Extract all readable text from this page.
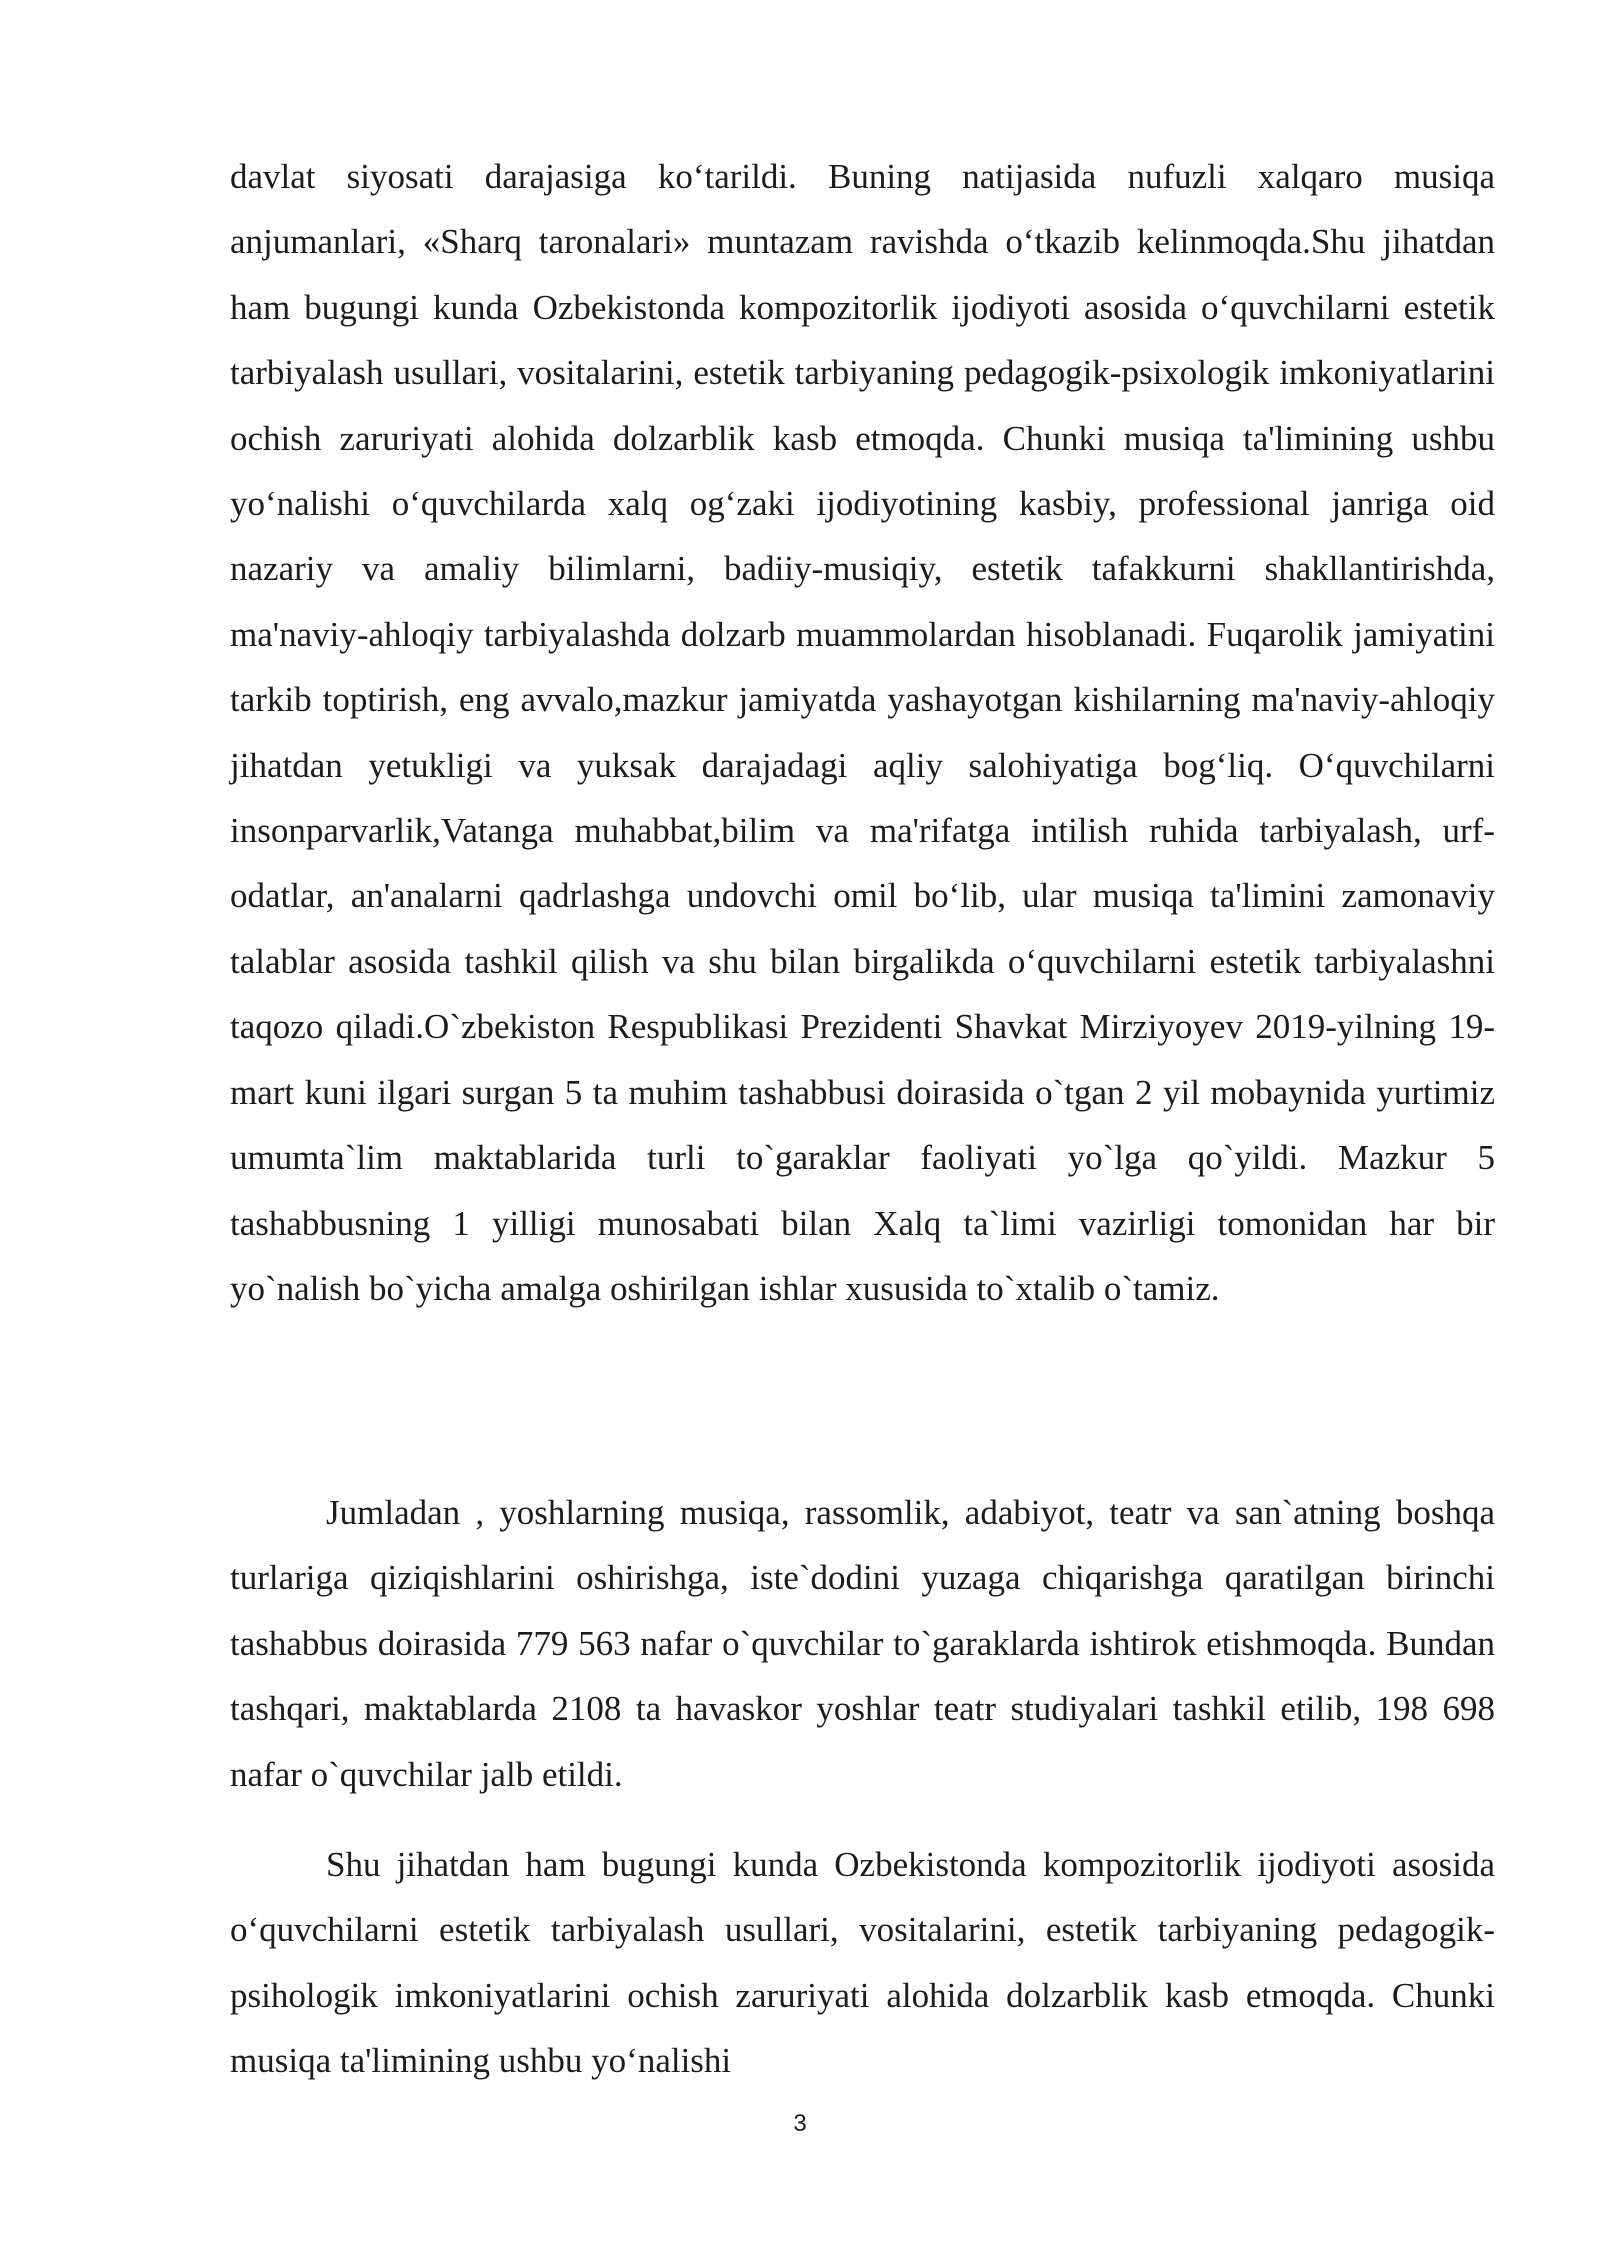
davlat siyosati darajasiga koʻtarildi. Buning natijasida nufuzli xalqaro musiqa anjumanlari, «Sharq taronalari» muntazam ravishda oʻtkazib kelinmoqda.Shu jihatdan ham bugungi kunda Ozbekistonda kompozitorlik ijodiyoti asosida oʻquvchilarni estetik tarbiyalash usullari, vositalarini, estetik tarbiyaning pedagogik-psixologik imkoniyatlarini ochish zaruriyati alohida dolzarblik kasb etmoqda. Chunki musiqa ta'limining ushbu yoʻnalishi oʻquvchilarda xalq ogʻzaki ijodiyotining kasbiy, professional janriga oid nazariy va amaliy bilimlarni, badiiy-musiqiy, estetik tafakkurni shakllantirishda, ma'naviy-ahloqiy tarbiyalashda dolzarb muammolardan hisoblanadi. Fuqarolik jamiyatini tarkib toptirish, eng avvalo,mazkur jamiyatda yashayotgan kishilarning ma'naviy-ahloqiy jihatdan yetukligi va yuksak darajadagi aqliy salohiyatiga bogʻliq. Oʻquvchilarni insonparvarlik,Vatanga muhabbat,bilim va ma'rifatga intilish ruhida tarbiyalash, urf-odatlar, an'analarni qadrlashga undovchi omil boʻlib, ular musiqa ta'limini zamonaviy talablar asosida tashkil qilish va shu bilan birgalikda oʻquvchilarni estetik tarbiyalashni taqozo qiladi.O`zbekiston Respublikasi Prezidenti Shavkat Mirziyoyev 2019-yilning 19-mart kuni ilgari surgan 5 ta muhim tashabbusi doirasida o`tgan 2 yil mobaynida yurtimiz umumta`lim maktablarida turli to`garaklar faoliyati yo`lga qo`yildi. Mazkur 5 tashabbusning 1 yilligi munosabati bilan Xalq ta`limi vazirligi tomonidan har bir yo`nalish bo`yicha amalga oshirilgan ishlar xususida to`xtalib o`tamiz.

Jumladan , yoshlarning musiqa, rassomlik, adabiyot, teatr va san`atning boshqa turlariga qiziqishlarini oshirishga, iste`dodini yuzaga chiqarishga qaratilgan birinchi tashabbus doirasida 779 563 nafar o`quvchilar to`garaklarda ishtirok etishmoqda. Bundan tashqari, maktablarda 2108 ta havaskor yoshlar teatr studiyalari tashkil etilib, 198 698 nafar o`quvchilar jalb etildi.

Shu jihatdan ham bugungi kunda Ozbekistonda kompozitorlik ijodiyoti asosida oʻquvchilarni estetik tarbiyalash usullari, vositalarini, estetik tarbiyaning pedagogik-psihologik imkoniyatlarini ochish zaruriyati alohida dolzarblik kasb etmoqda. Chunki musiqa ta'limining ushbu yoʻnalishi

3
